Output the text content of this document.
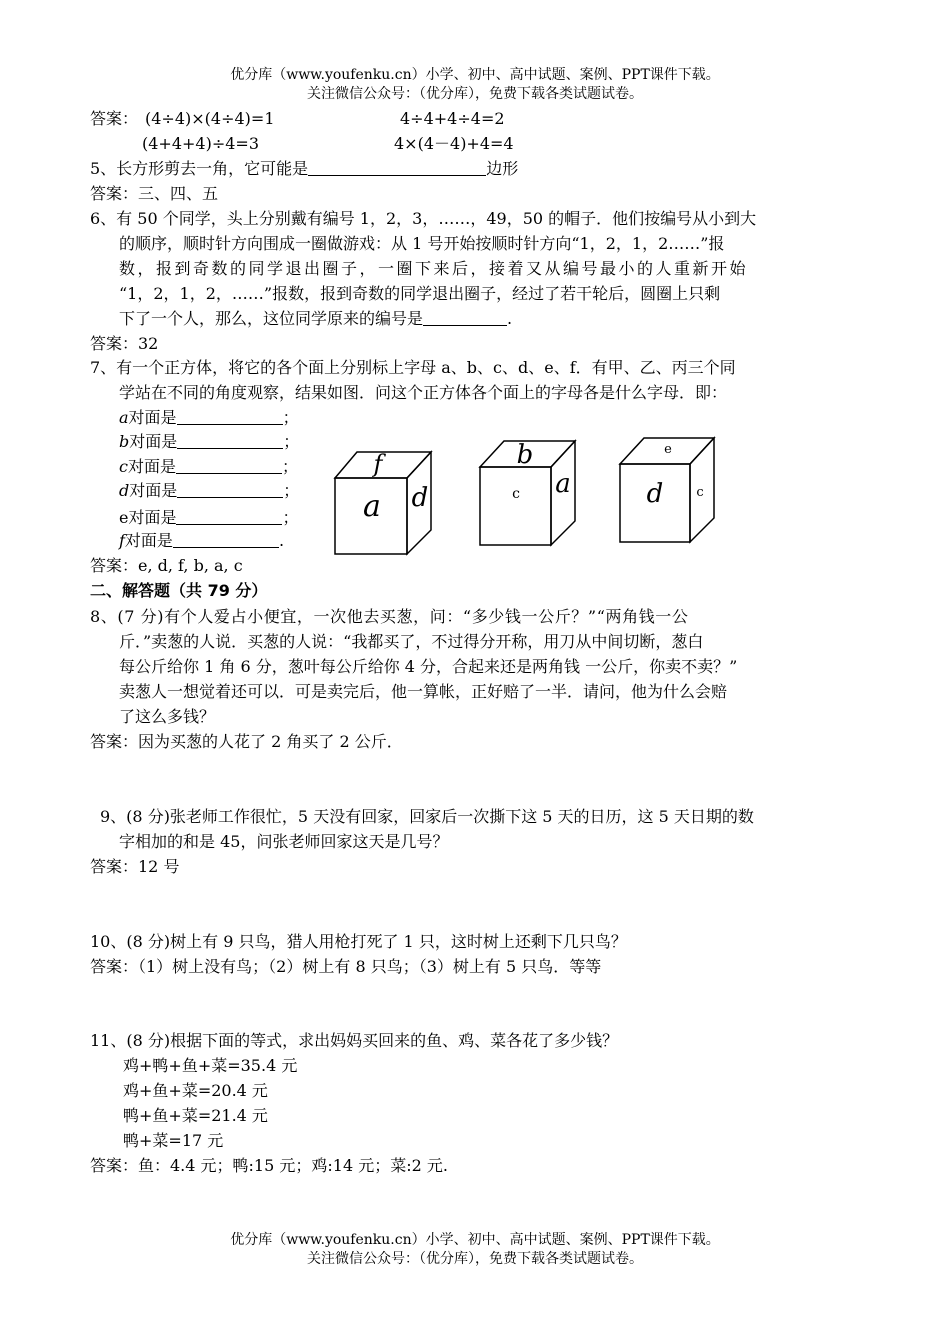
优分库（www.youfenku.cn）小学、初中、高中试题、案例、PPT课件下载。
关注微信公众号：（优分库），免费下载各类试题试卷。
答案： (4÷4)×(4÷4)=1	4÷4+4÷4=2
(4+4+4)÷4=3	4×(4－4)+4=4
5、长方形剪去一角，它可能是	边形
答案：三、四、五
6、有 50 个同学，头上分别戴有编号 1，2，3，……，49，50 的帽子．他们按编号从小到大
的顺序，顺时针方向围成一圈做游戏：从 1 号开始按顺时针方向“1，2，1，2……”报
数，报到奇数的同学退出圈子，一圈下来后，接着又从编号最小的人重新开始
“1，2，1，2，……”报数，报到奇数的同学退出圈子，经过了若干轮后，圆圈上只剩
下了一个人，那么，这位同学原来的编号是	.
答案：32
7、有一个正方体，将它的各个面上分别标上字母 a、b、c、d、e、f．有甲、乙、丙三个同
学站在不同的角度观察，结果如图．问这个正方体各个面上的字母各是什么字母．即：
a对面是	；
b对面是	；
c对面是	；
d对面是	；
e对面是	；
f对面是	.
f
a d
b
c a
e
d	c
答案：e, d, f, b, a, c
二、解答题（共 79 分）
8、(7 分)有个人爱占小便宜，一次他去买葱，问：“多少钱一公斤？”“两角钱一公
斤．”卖葱的人说．买葱的人说：“我都买了，不过得分开称，用刀从中间切断，葱白
每公斤给你 1 角 6 分，葱叶每公斤给你 4 分，合起来还是两角钱 一公斤，你卖不卖？”
卖葱人一想觉着还可以．可是卖完后，他一算帐，正好赔了一半．请问，他为什么会赔
了这么多钱？
答案：因为买葱的人花了 2 角买了 2 公斤．
9、(8 分)张老师工作很忙，5 天没有回家，回家后一次撕下这 5 天的日历，这 5 天日期的数
字相加的和是 45，问张老师回家这天是几号？
答案：12 号
10、(8 分)树上有 9 只鸟，猎人用枪打死了 1 只，这时树上还剩下几只鸟？
答案：（1）树上没有鸟；（2）树上有 8 只鸟；（3）树上有 5 只鸟．等等
11、(8 分)根据下面的等式，求出妈妈买回来的鱼、鸡、菜各花了多少钱？
鸡+鸭+鱼+菜=35.4 元
鸡+鱼+菜=20.4 元
鸭+鱼+菜=21.4 元
鸭+菜=17 元
答案：鱼：4.4 元；鸭:15 元；鸡:14 元；菜:2 元.
优分库（www.youfenku.cn）小学、初中、高中试题、案例、PPT课件下载。
关注微信公众号：（优分库），免费下载各类试题试卷。
